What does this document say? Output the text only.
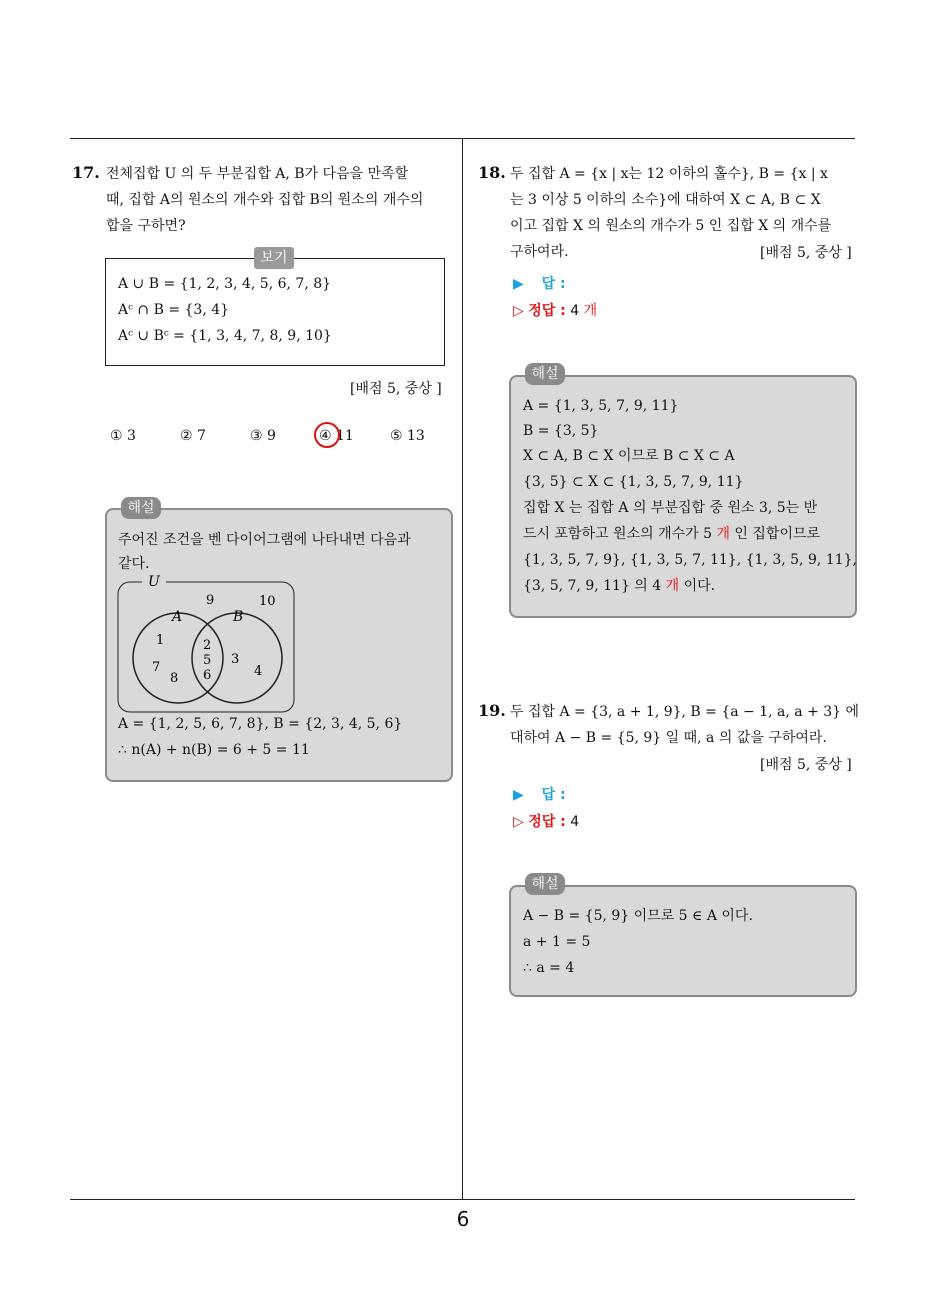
6
17. 전체집합 U 의 두 부분집합 A, B가 다음을 만족할
때, 집합 A의 원소의 개수와 집합 B의 원소의 개수의
합을 구하면?
보기
A ∪ B = {1, 2, 3, 4, 5, 6, 7, 8}
Aᶜ ∩ B = {3, 4}
Aᶜ ∪ Bᶜ = {1, 3, 4, 7, 8, 9, 10}
[배점 5, 중상 ]
① 3	② 7	③ 9	④ 11	⑤ 13
해설
주어진 조건을 벤 다이어그램에 나타내면 다음과
같다.
U
A	B
9	10
1
7
8
2
5
6
3
4
A = {1, 2, 5, 6, 7, 8}, B = {2, 3, 4, 5, 6}
∴ n(A) + n(B) = 6 + 5 = 11
18. 두 집합 A = {x | x는 12 이하의 홀수}, B = {x | x
는 3 이상 5 이하의 소수}에 대하여 X ⊂ A, B ⊂ X
이고 집합 X 의 원소의 개수가 5 인 집합 X 의 개수를
구하여라.	[배점 5, 중상 ]
▶ 답 :
▷ 정답 : 4 개
해설
A = {1, 3, 5, 7, 9, 11}
B = {3, 5}
X ⊂ A, B ⊂ X 이므로 B ⊂ X ⊂ A
{3, 5} ⊂ X ⊂ {1, 3, 5, 7, 9, 11}
집합 X 는 집합 A 의 부분집합 중 원소 3, 5는 반
드시 포함하고 원소의 개수가 5 개 인 집합이므로
{1, 3, 5, 7, 9}, {1, 3, 5, 7, 11}, {1, 3, 5, 9, 11},
{3, 5, 7, 9, 11} 의 4 개 이다.
19. 두 집합 A = {3, a + 1, 9}, B = {a − 1, a, a + 3} 에
대하여 A − B = {5, 9} 일 때, a 의 값을 구하여라.
[배점 5, 중상 ]
▶ 답 :
▷ 정답 : 4
해설
A − B = {5, 9} 이므로 5 ∈ A 이다.
a + 1 = 5
∴ a = 4
